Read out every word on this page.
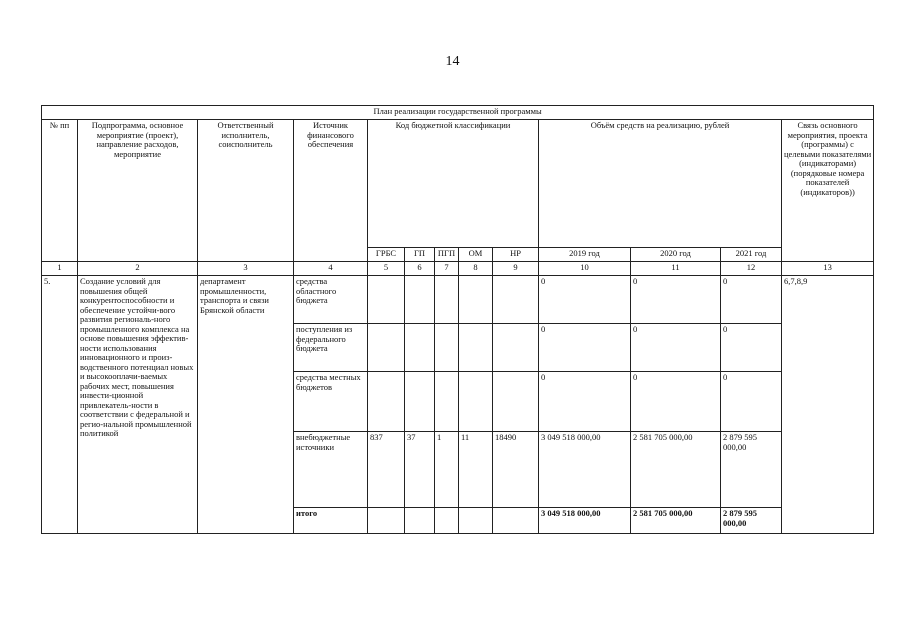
14
План реализации государственной программы												
№ пп	Подпрограмма, основное мероприятие (проект), направление расходов, мероприятие	Ответственный исполнитель, соисполнитель	Источник финансового обеспечения	Код бюджетной классификации					Объём средств на реализацию, рублей			Связь основного мероприятия, проекта (программы) с целевыми показателями (индикаторами) (порядковые номера показателей (индикаторов))
				ГРБС	ГП	ПГП	ОМ	НР	2019 год	2020 год	2021 год	
1	2	3	4	5	6	7	8	9	10	11	12	13
5.	Создание условий для повышения общей конкурентоспособности и обеспечение устойчи-вого развития региональ-ного промышленного комплекса на основе повышения эффектив-ности использования инновационного и произ-водственного потенциал новых и высокооплачи-ваемых рабочих мест, повышения инвести-ционной привлекатель-ности в соответствии с федеральной и регио-нальной промышленной политикой	департамент промышленности, транспорта и связи Брянской области	средства областного бюджета						0	0	0	6,7,8,9
			поступления из федерального бюджета						0	0	0	
			средства местных бюджетов						0	0	0	
			внебюджетные источники	837	37	1	11	18490	3 049 518 000,00	2 581 705 000,00	2 879 595 000,00	
			итого						3 049 518 000,00	2 581 705 000,00	2 879 595 000,00	
